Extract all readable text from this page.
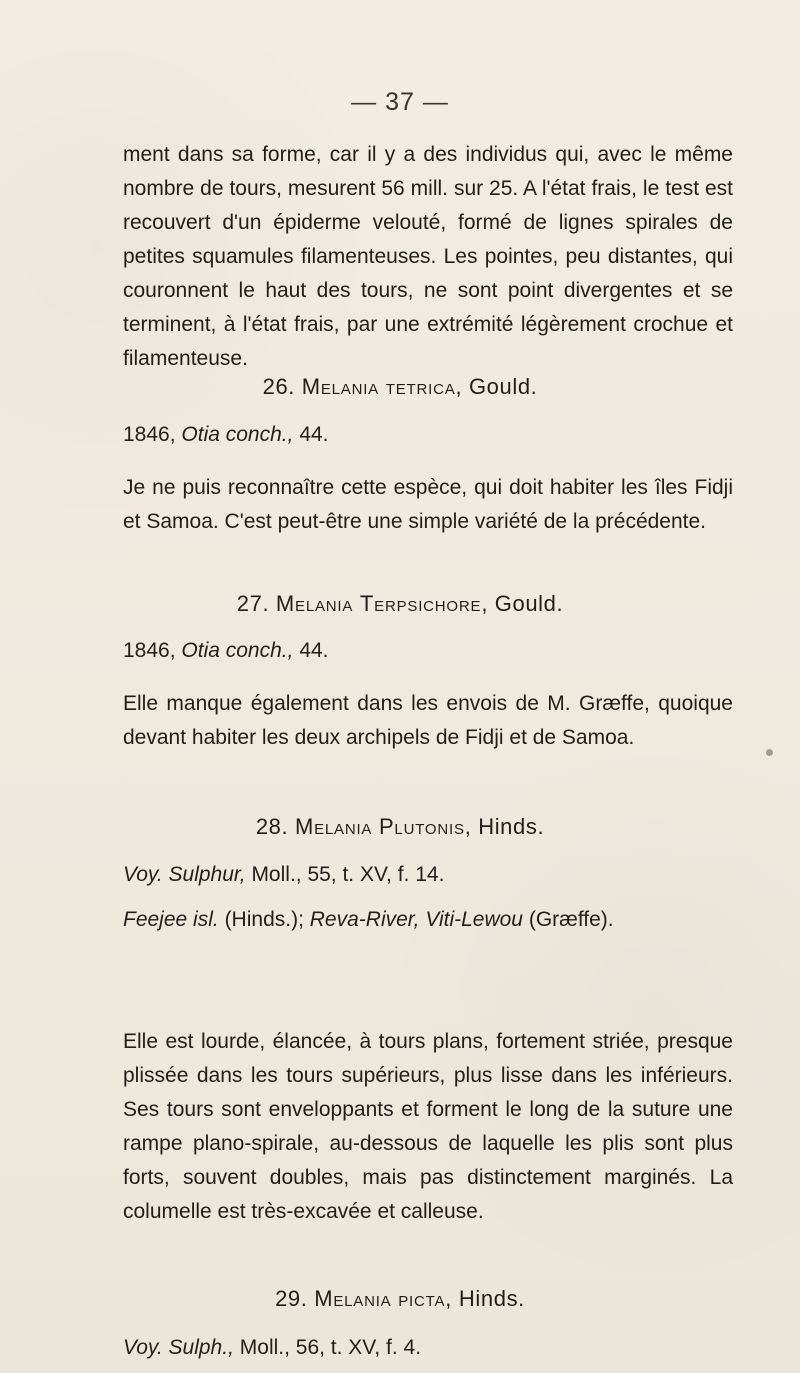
— 37 —
ment dans sa forme, car il y a des individus qui, avec le même nombre de tours, mesurent 56 mill. sur 25. A l'état frais, le test est recouvert d'un épiderme velouté, formé de lignes spirales de petites squamules filamenteuses. Les pointes, peu distantes, qui couronnent le haut des tours, ne sont point divergentes et se terminent, à l'état frais, par une extrémité légèrement crochue et filamenteuse.
26. Melania tetrica, Gould.
1846, Otia conch., 44.
Je ne puis reconnaître cette espèce, qui doit habiter les îles Fidji et Samoa. C'est peut-être une simple variété de la précédente.
27. Melania Terpsichore, Gould.
1846, Otia conch., 44.
Elle manque également dans les envois de M. Græffe, quoique devant habiter les deux archipels de Fidji et de Samoa.
28. Melania Plutonis, Hinds.
Voy. Sulphur, Moll., 55, t. XV, f. 14.
Feejee isl. (Hinds.); Reva-River, Viti-Lewou (Græffe).
Elle est lourde, élancée, à tours plans, fortement striée, presque plissée dans les tours supérieurs, plus lisse dans les inférieurs. Ses tours sont enveloppants et forment le long de la suture une rampe plano-spirale, au-dessous de laquelle les plis sont plus forts, souvent doubles, mais pas distinctement marginés. La columelle est très-excavée et calleuse.
29. Melania picta, Hinds.
Voy. Sulph., Moll., 56, t. XV, f. 4.
